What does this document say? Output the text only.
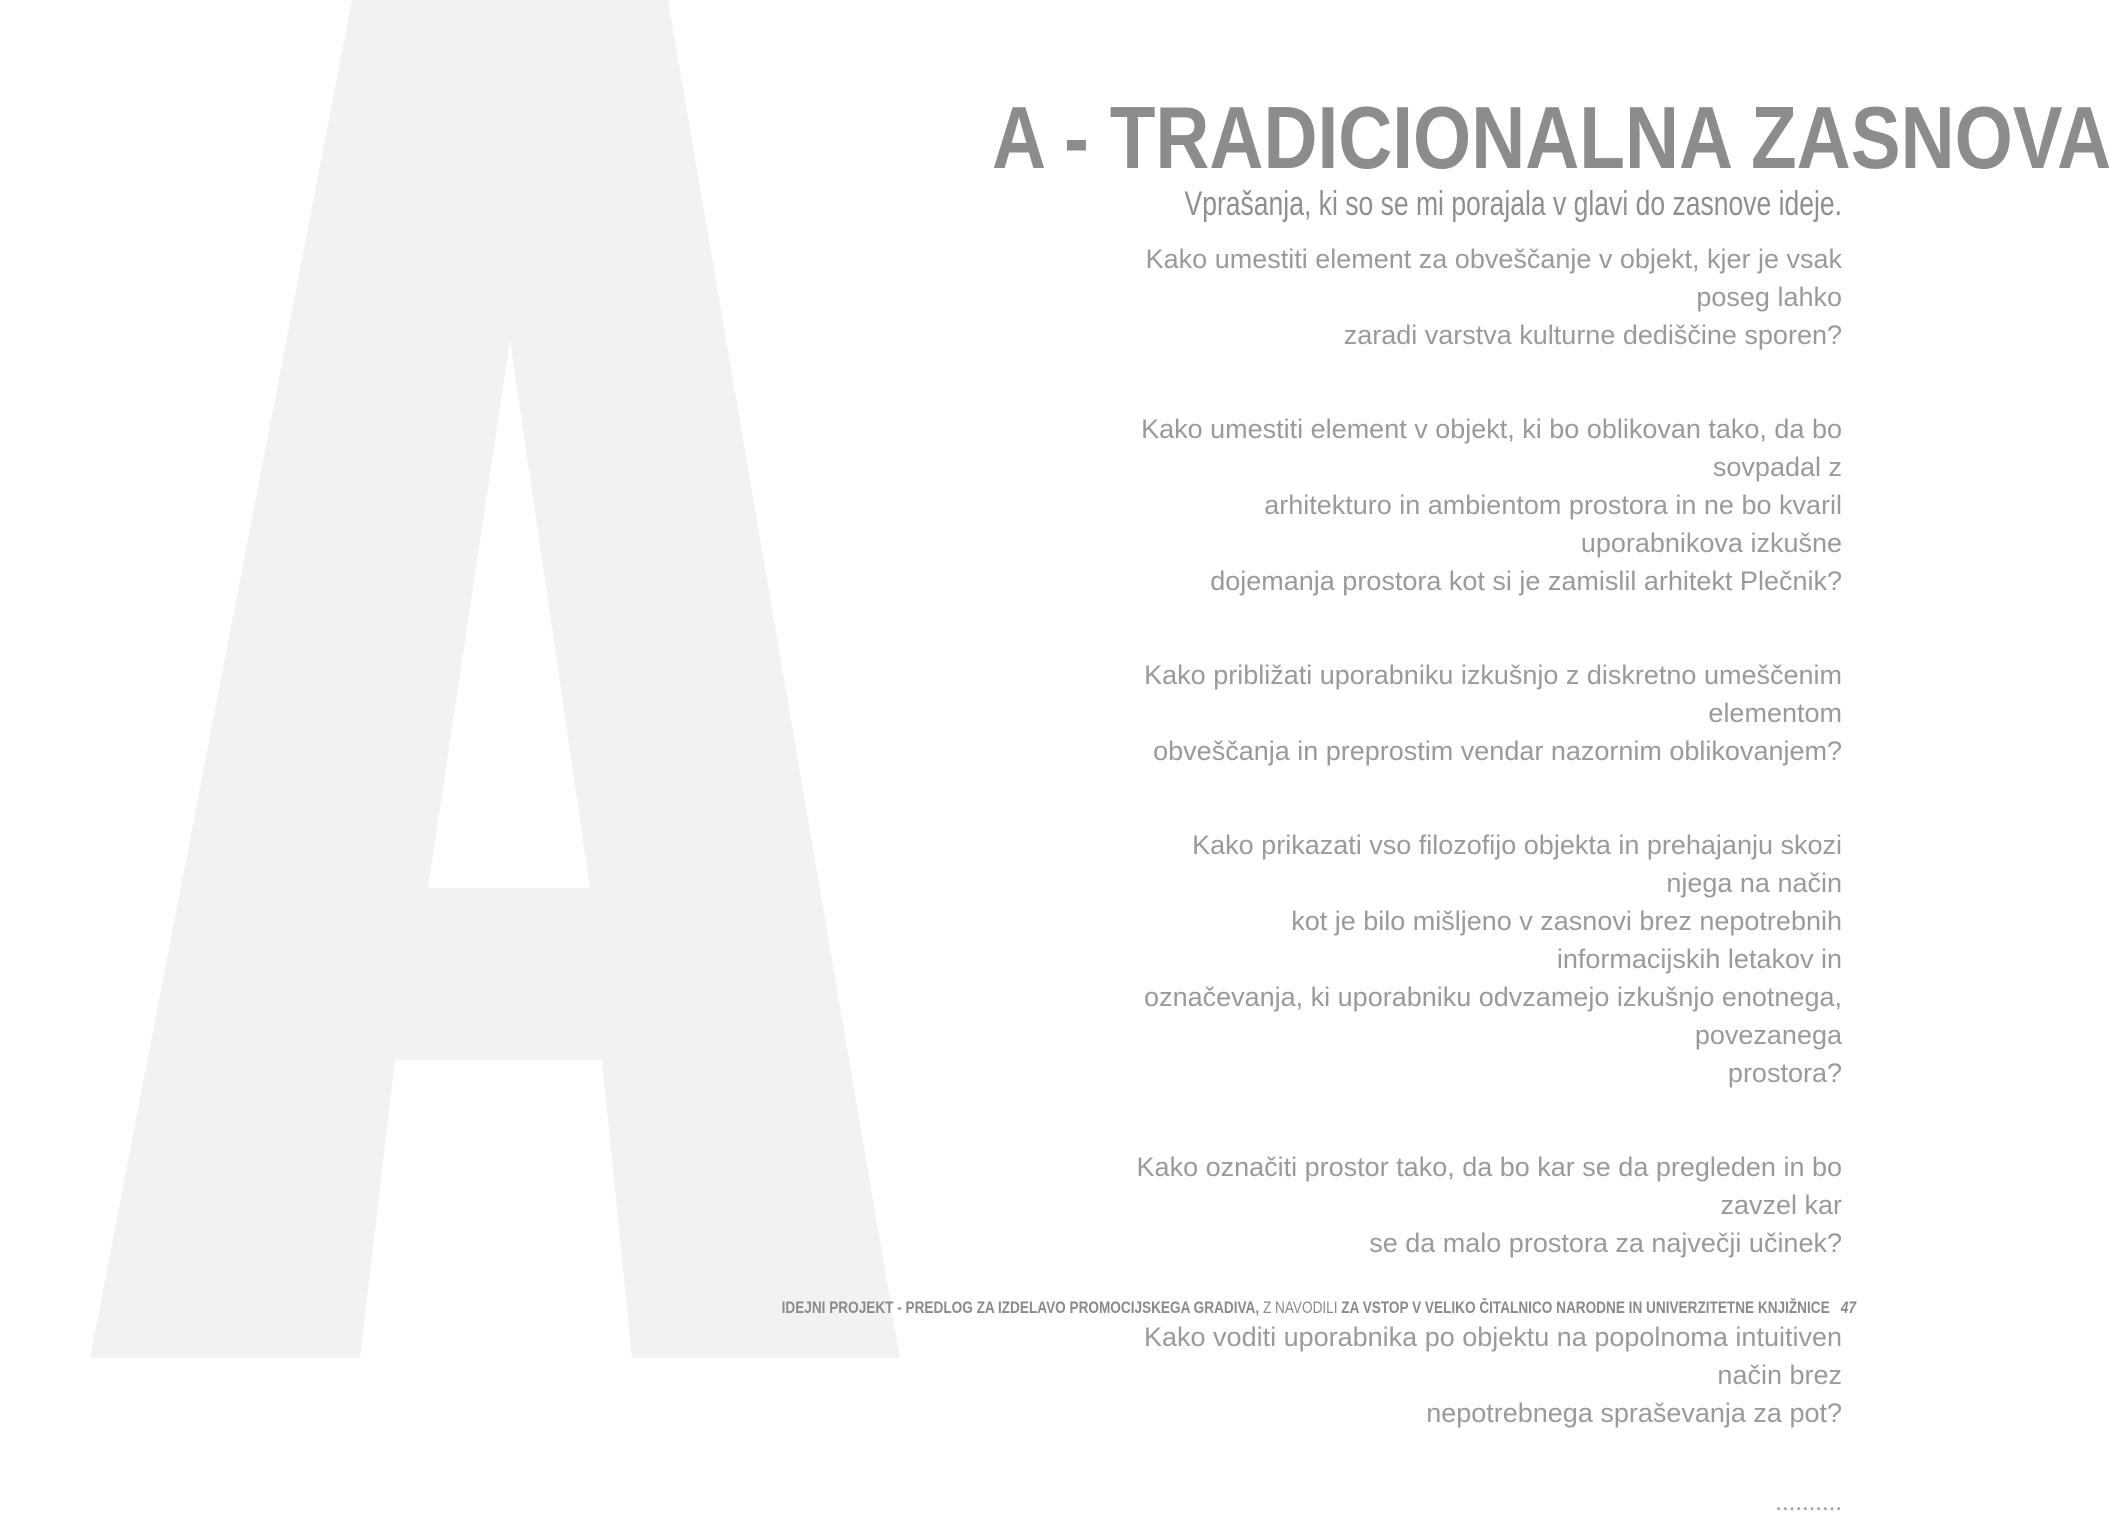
A - TRADICIONALNA ZASNOVA

Vprašanja, ki so se mi porajala v glavi do zasnove ideje.

Kako umestiti element za obveščanje v objekt, kjer je vsak poseg lahko
zaradi varstva kulturne dediščine sporen?
Kako umestiti element v objekt, ki bo oblikovan tako, da bo sovpadal z
arhitekturo in ambientom prostora in ne bo kvaril uporabnikova izkušne
dojemanja prostora kot si je zamislil arhitekt Plečnik?
Kako približati uporabniku izkušnjo z diskretno umeščenim elementom
obveščanja in preprostim vendar nazornim oblikovanjem?
Kako prikazati vso filozofijo objekta in prehajanju skozi njega na način
kot je bilo mišljeno v zasnovi brez nepotrebnih informacijskih letakov in
označevanja, ki uporabniku odvzamejo izkušnjo enotnega, povezanega
prostora?
Kako označiti prostor tako, da bo kar se da pregleden in bo zavzel kar
se da malo prostora za največji učinek?
Kako voditi uporabnika po objektu na popolnoma intuitiven način brez
nepotrebnega spraševanja za pot?
..........
IDEJNI PROJEKT - PREDLOG ZA IZDELAVO PROMOCIJSKEGA GRADIVA, Z NAVODILI ZA VSTOP V VELIKO ČITALNICO NARODNE IN UNIVERZITETNE KNJIŽNICE 47
